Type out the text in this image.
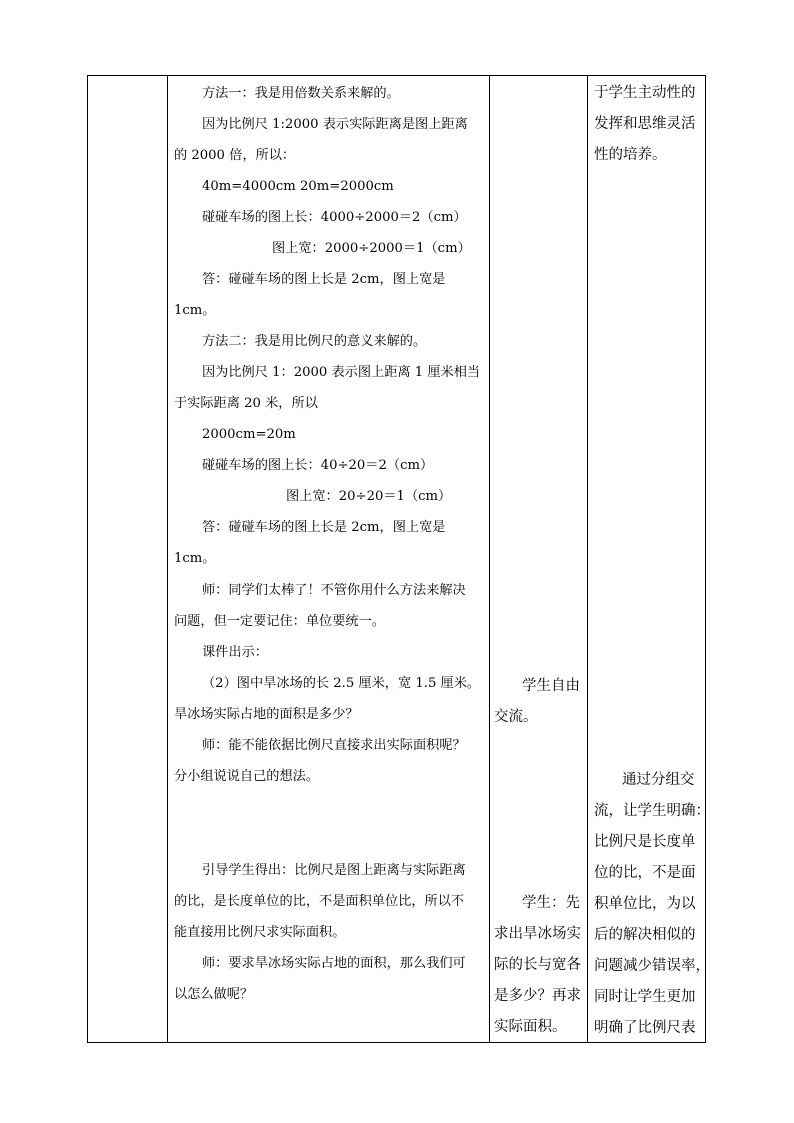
方法一：我是用倍数关系来解的。
因为比例尺 1:2000 表示实际距离是图上距离
的 2000 倍，所以：
40m=4000cm 20m=2000cm
碰碰车场的图上长：4000÷2000＝2（cm）
图上宽：2000÷2000＝1（cm）
答：碰碰车场的图上长是 2cm，图上宽是
1cm。
方法二：我是用比例尺的意义来解的。
因为比例尺 1：2000 表示图上距离 1 厘米相当
于实际距离 20 米，所以
2000cm=20m
碰碰车场的图上长：40÷20＝2（cm）
图上宽：20÷20＝1（cm）
答：碰碰车场的图上长是 2cm，图上宽是
1cm。
师：同学们太棒了！不管你用什么方法来解决
问题，但一定要记住：单位要统一。
课件出示：
（2）图中旱冰场的长 2.5 厘米，宽 1.5 厘米。
旱冰场实际占地的面积是多少？
师：能不能依据比例尺直接求出实际面积呢？
分小组说说自己的想法。
引导学生得出：比例尺是图上距离与实际距离
的比，是长度单位的比，不是面积单位比，所以不
能直接用比例尺求实际面积。
师：要求旱冰场实际占地的面积，那么我们可
以怎么做呢？
学生自由
交流。
学生：先
求出旱冰场实
际的长与宽各
是多少？再求
实际面积。
于学生主动性的
发挥和思维灵活
性的培养。
通过分组交
流，让学生明确：
比例尺是长度单
位的比，不是面
积单位比，为以
后的解决相似的
问题减少错误率，
同时让学生更加
明确了比例尺表
